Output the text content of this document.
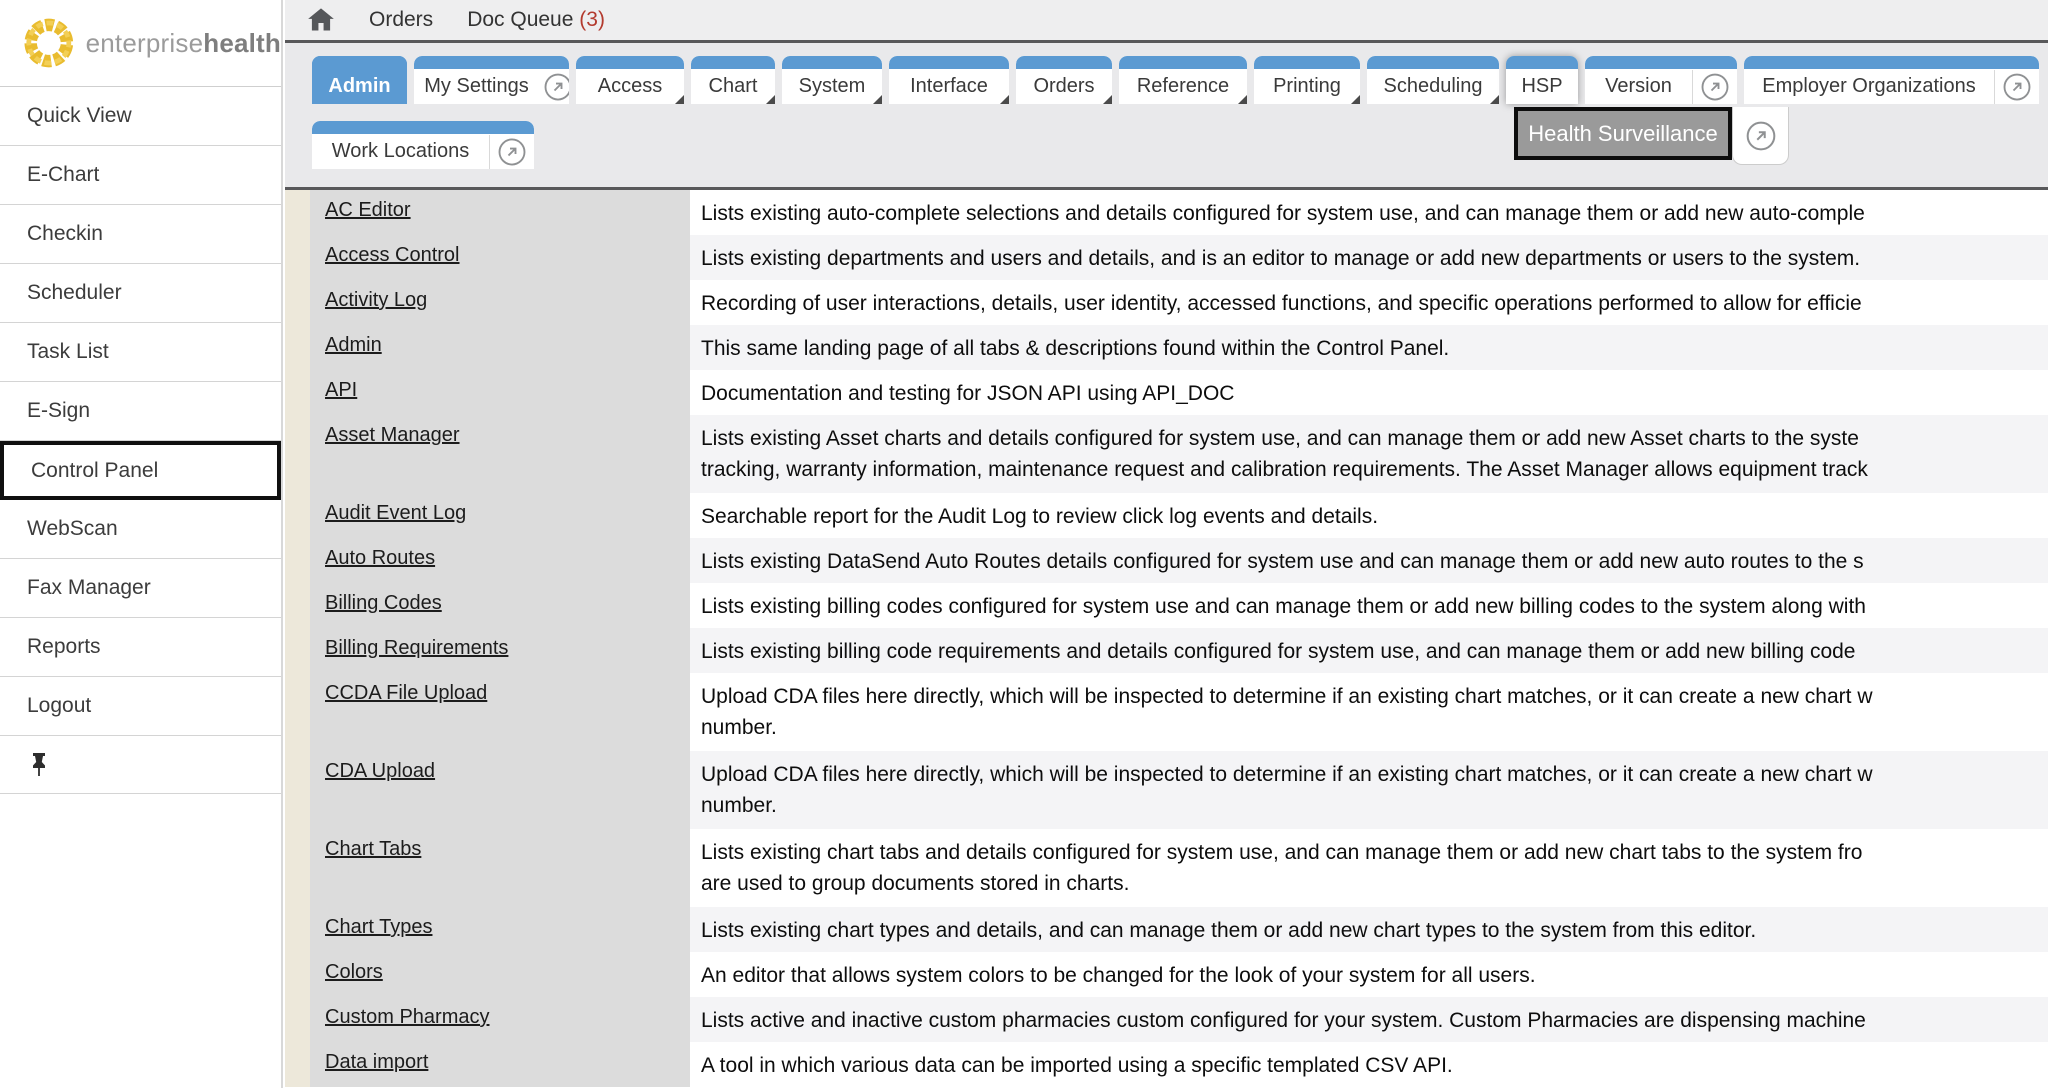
enterprisehealth
Quick View
E-Chart
Checkin
Scheduler
Task List
E-Sign
Control Panel
WebScan
Fax Manager
Reports
Logout
Orders Doc Queue (3)
Admin	My Settings	Access Chart System Interface Orders Reference Printing Scheduling HSP	Version	Employer Organizations
Work Locations
Health Surveillance
AC Editor	Lists existing auto-complete selections and details configured for system use, and can manage them or add new auto-comple
Access Control	Lists existing departments and users and details, and is an editor to manage or add new departments or users to the system.
Activity Log	Recording of user interactions, details, user identity, accessed functions, and specific operations performed to allow for efficie
Admin	This same landing page of all tabs & descriptions found within the Control Panel.
API	Documentation and testing for JSON API using API_DOC
Asset Manager	Lists existing Asset charts and details configured for system use, and can manage them or add new Asset charts to the syste
tracking, warranty information, maintenance request and calibration requirements. The Asset Manager allows equipment track
Audit Event Log	Searchable report for the Audit Log to review click log events and details.
Auto Routes	Lists existing DataSend Auto Routes details configured for system use and can manage them or add new auto routes to the s
Billing Codes	Lists existing billing codes configured for system use and can manage them or add new billing codes to the system along with
Billing Requirements	Lists existing billing code requirements and details configured for system use, and can manage them or add new billing code
CCDA File Upload	Upload CDA files here directly, which will be inspected to determine if an existing chart matches, or it can create a new chart w
number.
CDA Upload	Upload CDA files here directly, which will be inspected to determine if an existing chart matches, or it can create a new chart w
number.
Chart Tabs	Lists existing chart tabs and details configured for system use, and can manage them or add new chart tabs to the system fro
are used to group documents stored in charts.
Chart Types	Lists existing chart types and details, and can manage them or add new chart types to the system from this editor.
Colors	An editor that allows system colors to be changed for the look of your system for all users.
Custom Pharmacy	Lists active and inactive custom pharmacies custom configured for your system. Custom Pharmacies are dispensing machine
Data import	A tool in which various data can be imported using a specific templated CSV API.
